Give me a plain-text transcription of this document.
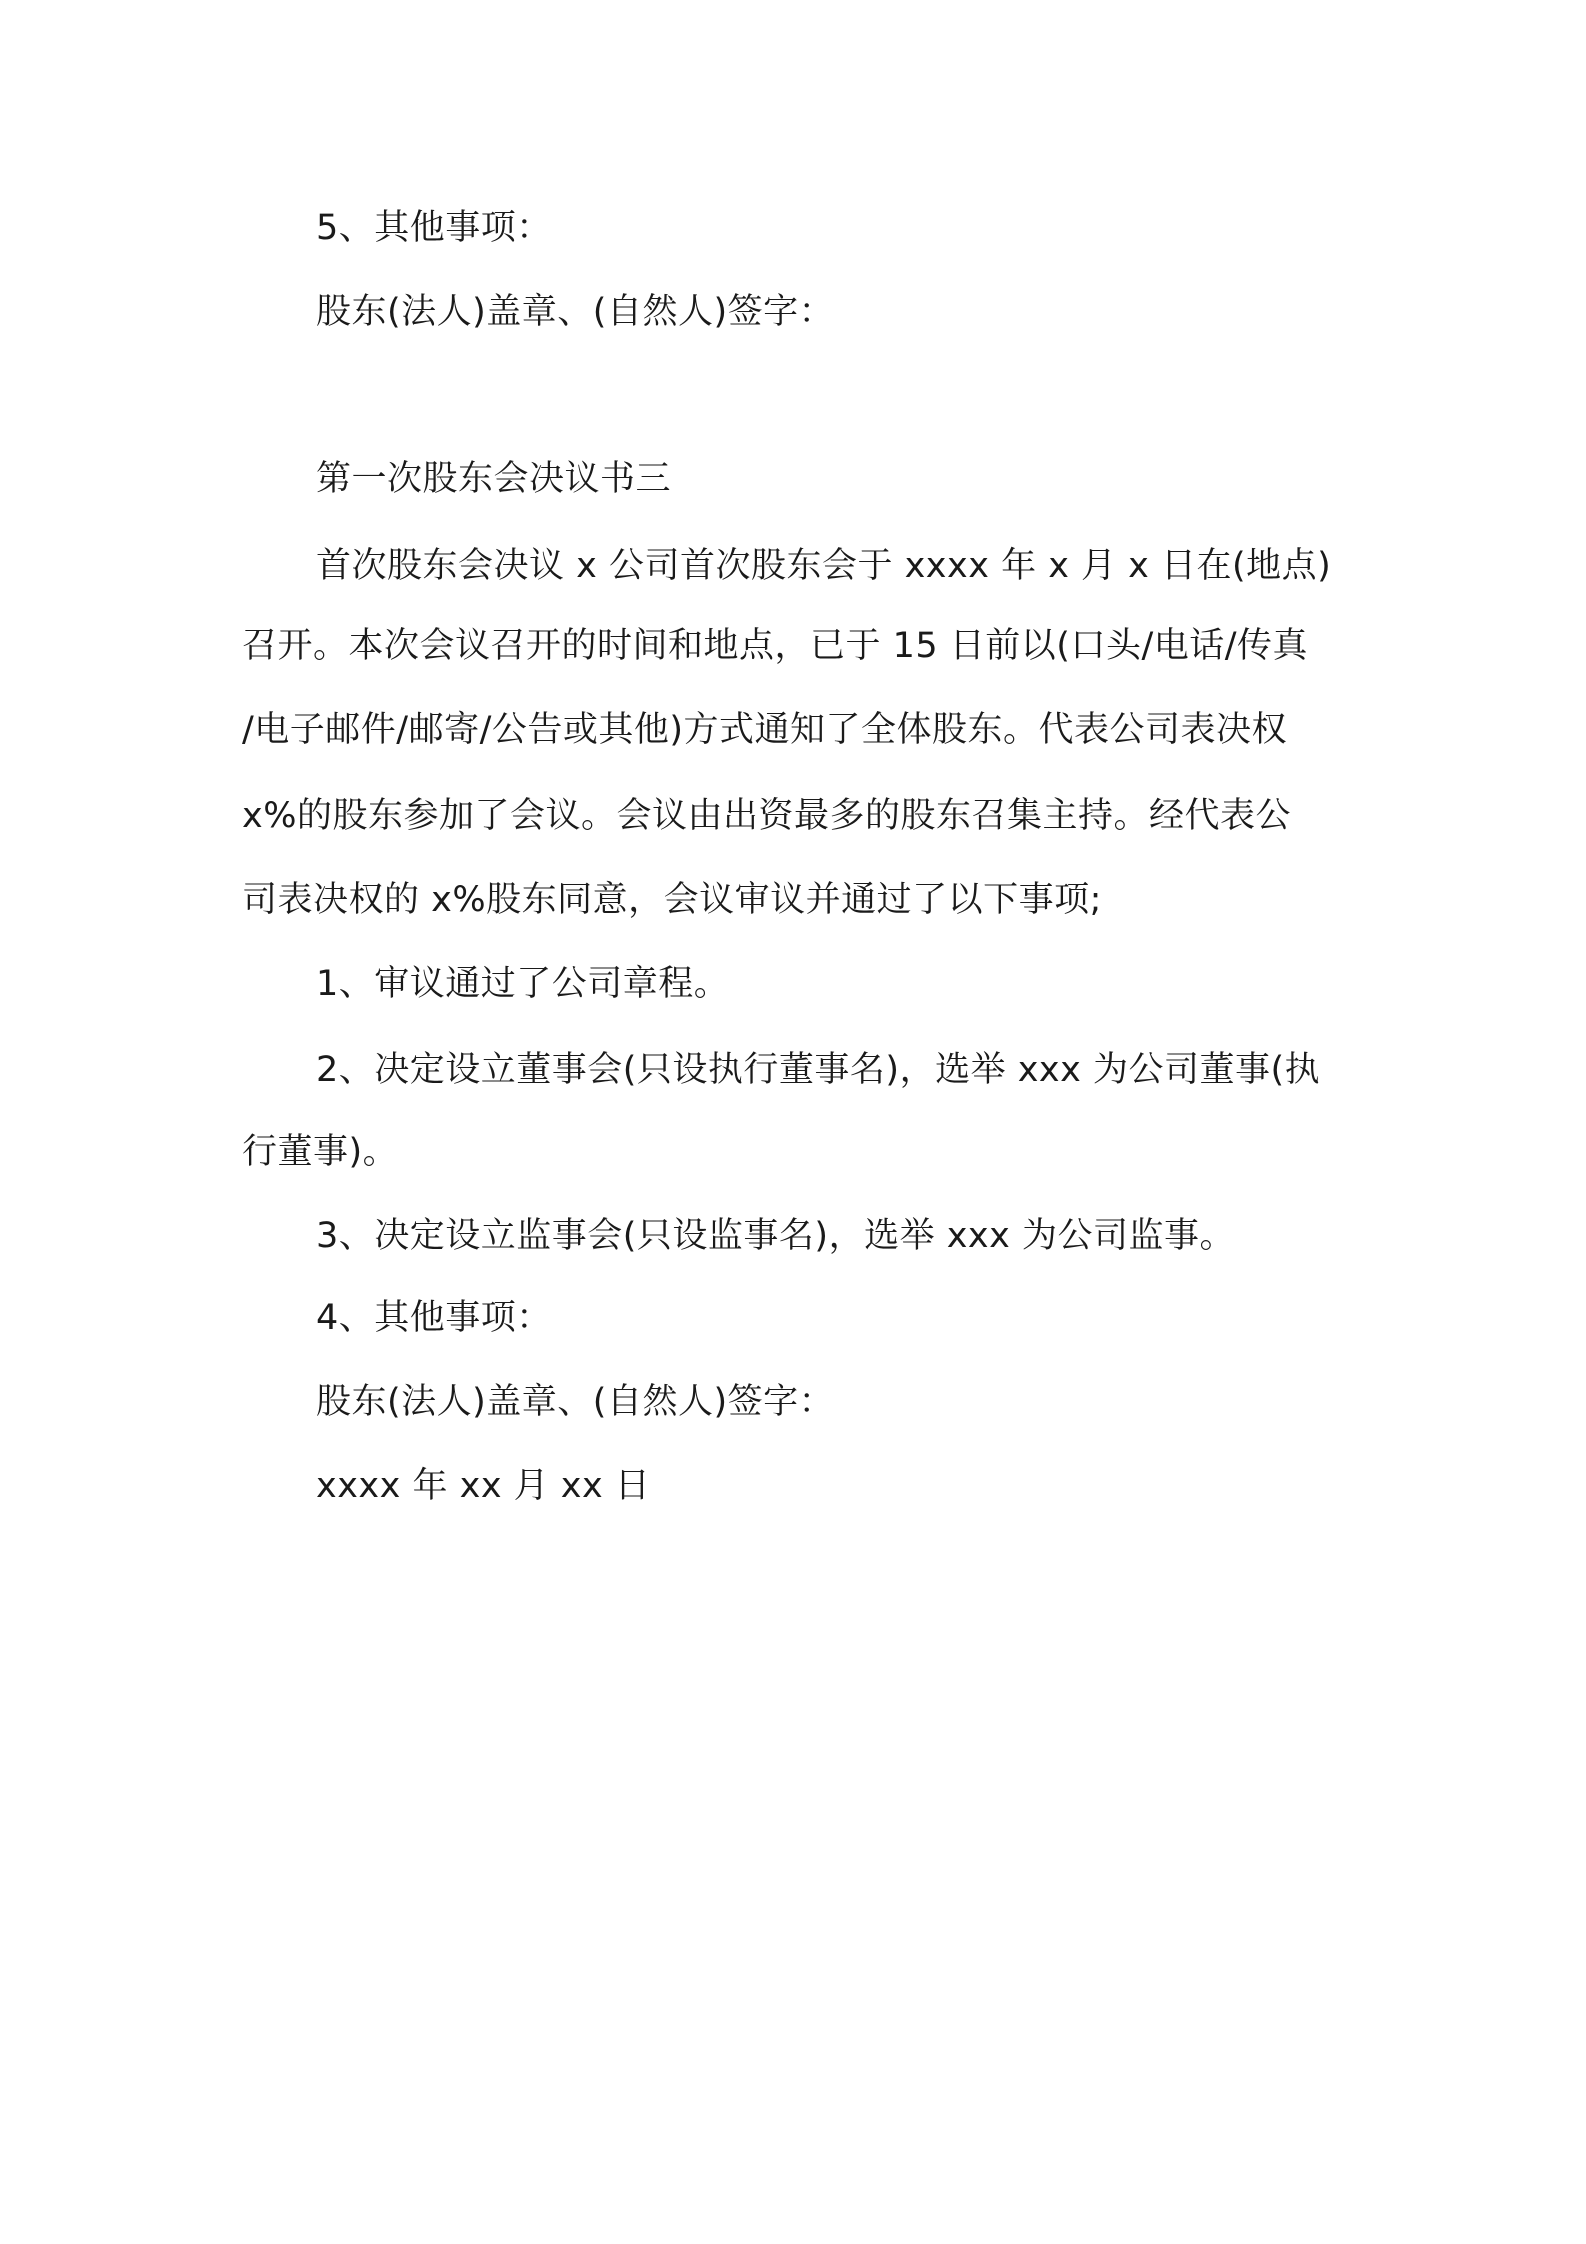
5、其他事项：

股东(法人)盖章、(自然人)签字：

第一次股东会决议书三

首次股东会决议 x 公司首次股东会于 xxxx 年 x 月 x 日在(地点)

召开。本次会议召开的时间和地点，已于 15 日前以(口头/电话/传真

/电子邮件/邮寄/公告或其他)方式通知了全体股东。代表公司表决权

x%的股东参加了会议。会议由出资最多的股东召集主持。经代表公

司表决权的 x%股东同意，会议审议并通过了以下事项;

1、审议通过了公司章程。

2、决定设立董事会(只设执行董事名)，选举 xxx 为公司董事(执

行董事)。

3、决定设立监事会(只设监事名)，选举 xxx 为公司监事。

4、其他事项：

股东(法人)盖章、(自然人)签字：

xxxx 年 xx 月 xx 日
